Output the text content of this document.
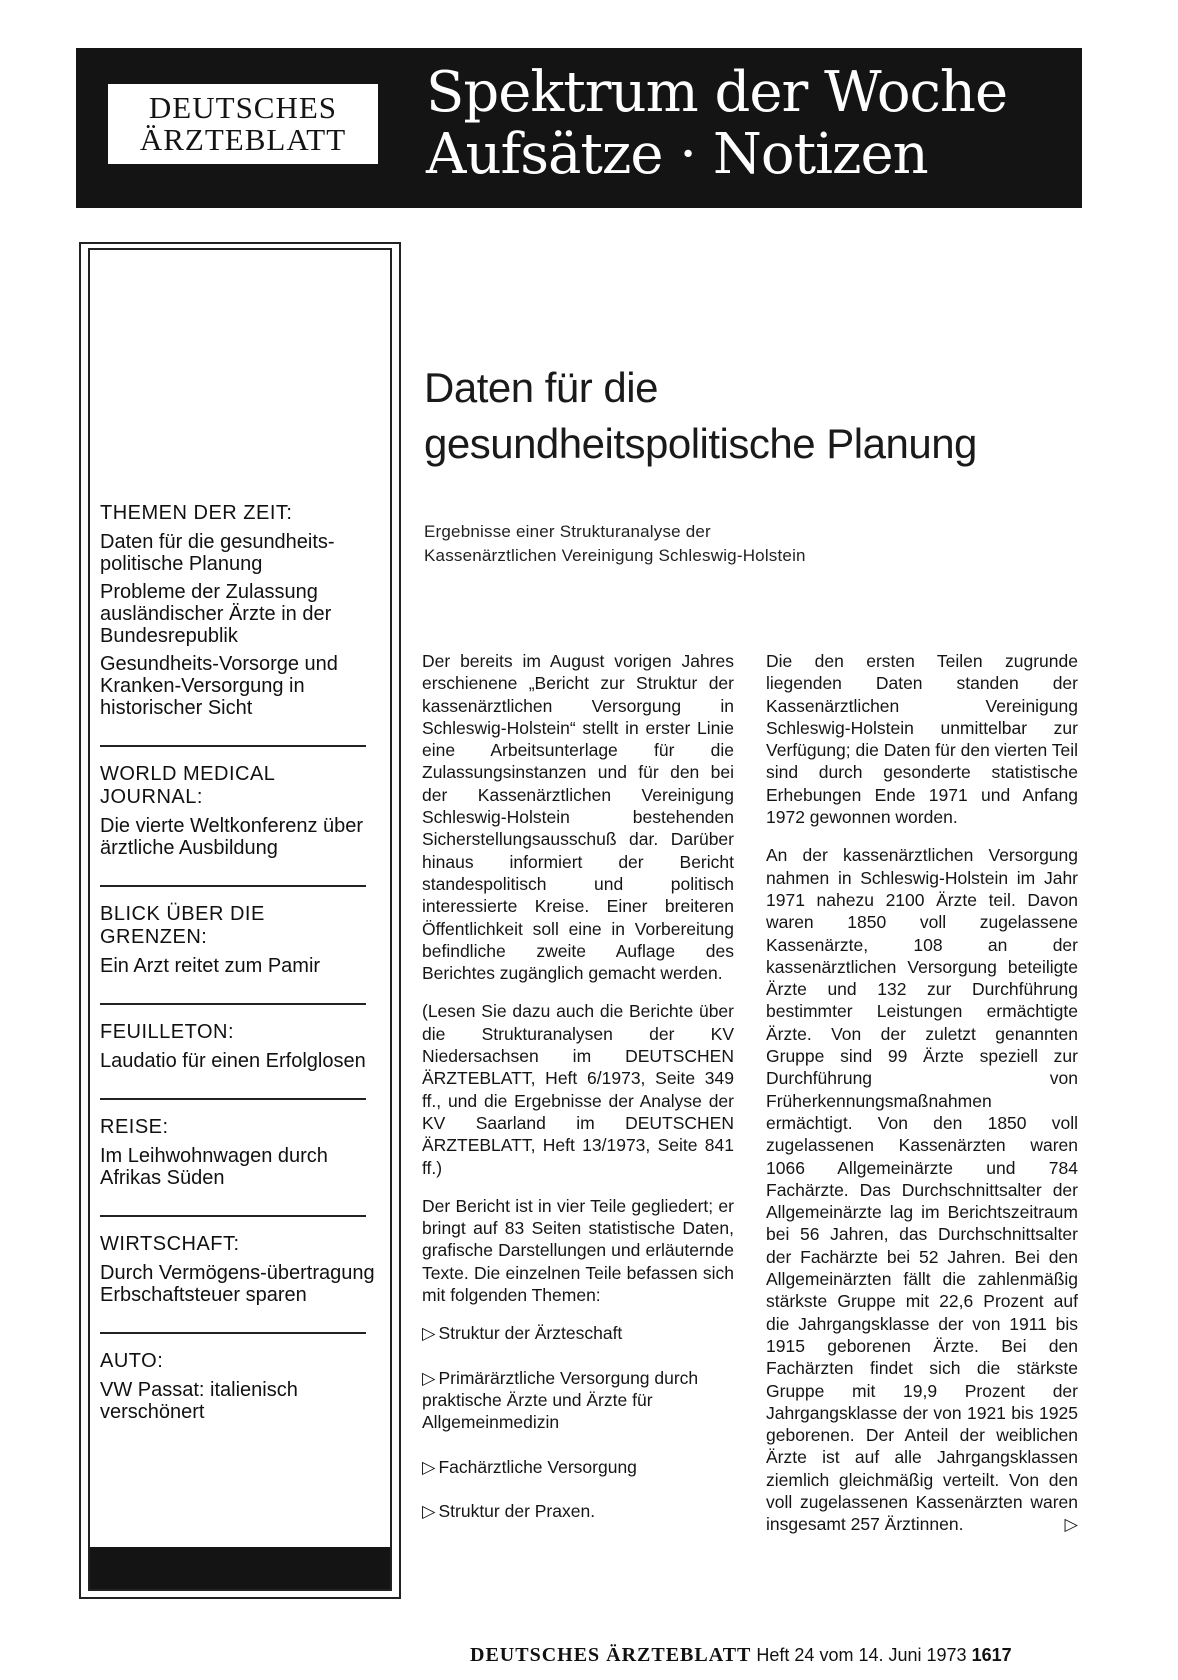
DEUTSCHES
ÄRZTEBLATT
Spektrum der Woche
Aufsätze · Notizen
THEMEN DER ZEIT:
Daten für die gesundheits-politische Planung
Probleme der Zulassung ausländischer Ärzte in der Bundesrepublik
Gesundheits-Vorsorge und Kranken-Versorgung in historischer Sicht
WORLD MEDICAL JOURNAL:
Die vierte Weltkonferenz über ärztliche Ausbildung
BLICK ÜBER DIE GRENZEN:
Ein Arzt reitet zum Pamir
FEUILLETON:
Laudatio für einen Erfolglosen
REISE:
Im Leihwohnwagen durch Afrikas Süden
WIRTSCHAFT:
Durch Vermögens-übertragung Erbschaftsteuer sparen
AUTO:
VW Passat: italienisch verschönert
Daten für die
gesundheitspolitische Planung
Ergebnisse einer Strukturanalyse der
Kassenärztlichen Vereinigung Schleswig-Holstein

Der bereits im August vorigen Jahres erschienene „Bericht zur Struktur der kassenärztlichen Versorgung in Schleswig-Holstein“ stellt in erster Linie eine Arbeitsunterlage für die Zulassungsinstanzen und für den bei der Kassenärztlichen Vereinigung Schleswig-Holstein bestehenden Sicherstellungsausschuß dar. Darüber hinaus informiert der Bericht standespolitisch und politisch interessierte Kreise. Einer breiteren Öffentlichkeit soll eine in Vorbereitung befindliche zweite Auflage des Berichtes zugänglich gemacht werden.

(Lesen Sie dazu auch die Berichte über die Strukturanalysen der KV Niedersachsen im DEUTSCHEN ÄRZTEBLATT, Heft 6/1973, Seite 349 ff., und die Ergebnisse der Analyse der KV Saarland im DEUTSCHEN ÄRZTEBLATT, Heft 13/1973, Seite 841 ff.)

Der Bericht ist in vier Teile gegliedert; er bringt auf 83 Seiten statistische Daten, grafische Darstellungen und erläuternde Texte. Die einzelnen Teile befassen sich mit folgenden Themen:

▷ Struktur der Ärzteschaft
▷ Primärärztliche Versorgung durch praktische Ärzte und Ärzte für Allgemeinmedizin
▷ Fachärztliche Versorgung
▷ Struktur der Praxen.

Die den ersten Teilen zugrunde liegenden Daten standen der Kassenärztlichen Vereinigung Schleswig-Holstein unmittelbar zur Verfügung; die Daten für den vierten Teil sind durch gesonderte statistische Erhebungen Ende 1971 und Anfang 1972 gewonnen worden.

An der kassenärztlichen Versorgung nahmen in Schleswig-Holstein im Jahr 1971 nahezu 2100 Ärzte teil. Davon waren 1850 voll zugelassene Kassenärzte, 108 an der kassenärztlichen Versorgung beteiligte Ärzte und 132 zur Durchführung bestimmter Leistungen ermächtigte Ärzte. Von der zuletzt genannten Gruppe sind 99 Ärzte speziell zur Durchführung von Früherkennungsmaßnahmen ermächtigt. Von den 1850 voll zugelassenen Kassenärzten waren 1066 Allgemeinärzte und 784 Fachärzte. Das Durchschnittsalter der Allgemeinärzte lag im Berichtszeitraum bei 56 Jahren, das Durchschnittsalter der Fachärzte bei 52 Jahren. Bei den Allgemeinärzten fällt die zahlenmäßig stärkste Gruppe mit 22,6 Prozent auf die Jahrgangsklasse der von 1911 bis 1915 geborenen Ärzte. Bei den Fachärzten findet sich die stärkste Gruppe mit 19,9 Prozent der Jahrgangsklasse der von 1921 bis 1925 geborenen. Der Anteil der weiblichen Ärzte ist auf alle Jahrgangsklassen ziemlich gleichmäßig verteilt. Von den voll zugelassenen Kassenärzten waren insgesamt 257 Ärztinnen.	▷

DEUTSCHES ÄRZTEBLATT Heft 24 vom 14. Juni 1973 1617
